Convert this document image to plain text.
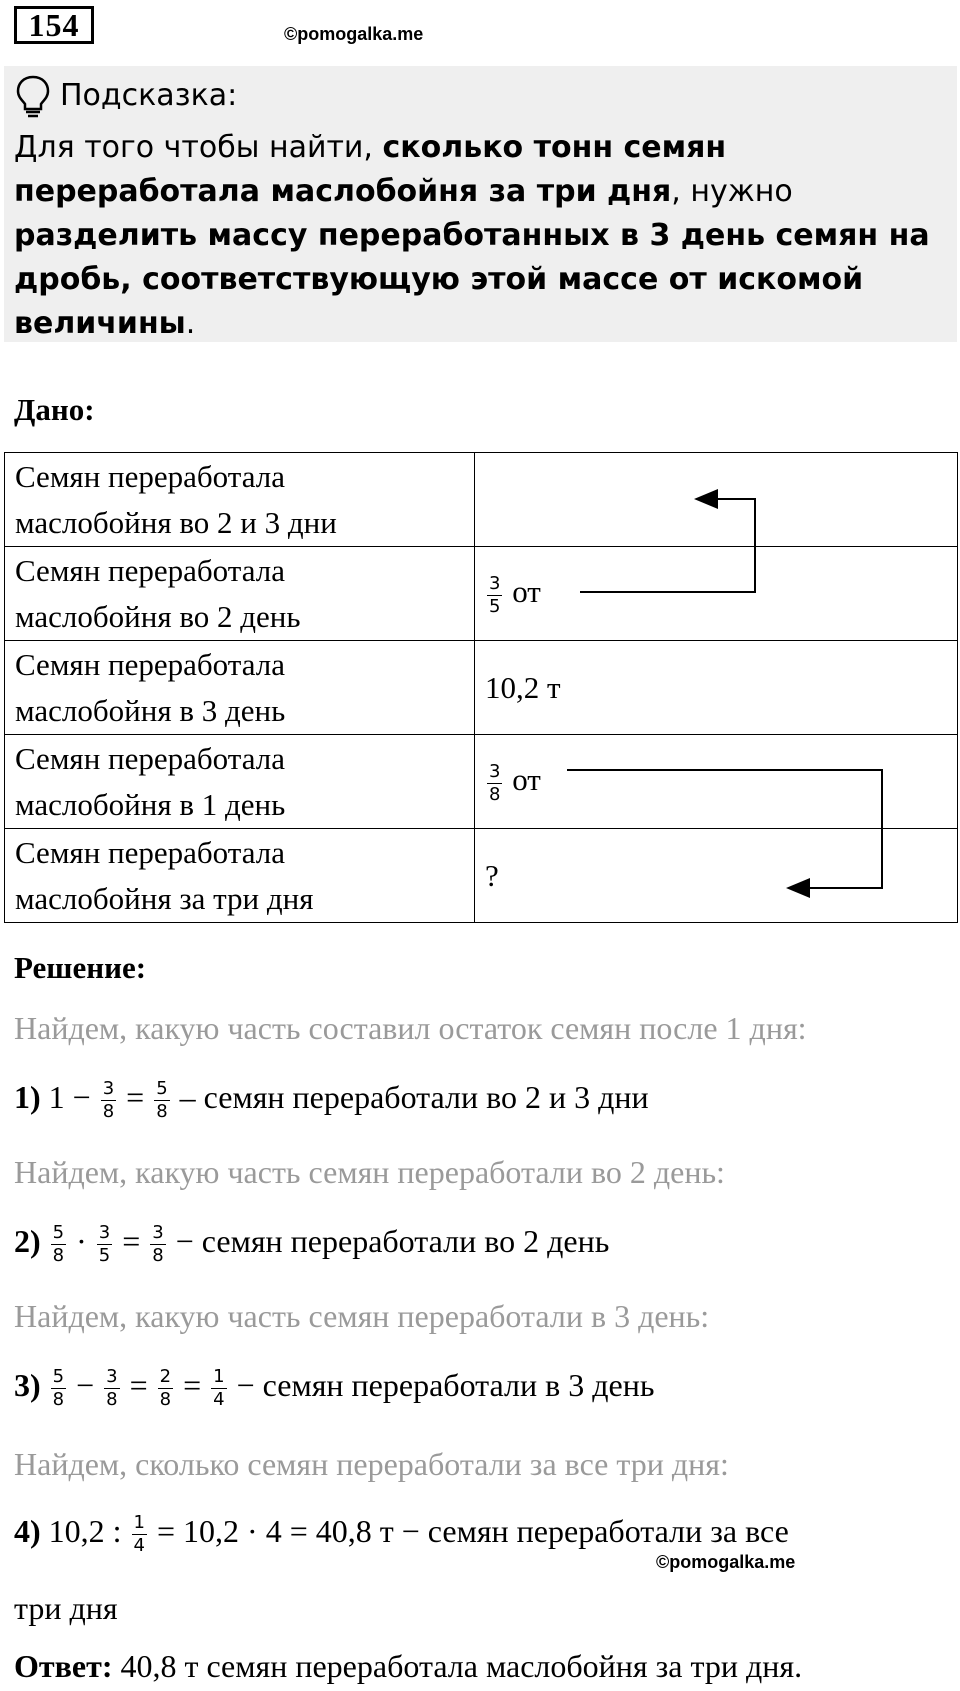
154	©pomogalka.me
Подсказка:
Для того чтобы найти, сколько тонн семян переработала маслобойня за три дня, нужно разделить массу переработанных в 3 день семян на дробь, соответствующую этой массе от искомой величины.
Дано:
Семян переработала
маслобойня во 2 и 3 дни	
Семян переработала
маслобойня во 2 день	$\frac{3}{5}$ от
Семян переработала
маслобойня в 3 день	10,2 т
Семян переработала
маслобойня в 1 день	$\frac{3}{8}$ от
Семян переработала
маслобойня за три дня	?
Решение:
Найдем, какую часть составил остаток семян после 1 дня:
1) $1 - \frac{3}{8} = \frac{5}{8}$ – семян переработали во 2 и 3 дни
Найдем, какую часть семян переработали во 2 день:
$2) \frac{5}{8} \cdot \frac{3}{5} = \frac{3}{8}$ − семян переработали во 2 день
Найдем, какую часть семян переработали в 3 день:
$3) \frac{5}{8} - \frac{3}{8} = \frac{2}{8} = \frac{1}{4}$ − семян переработали в 3 день
Найдем, сколько семян переработали за все три дня:
4) 10,2 : $\frac{1}{4} = 10,2 \cdot 4 = 40,8$ т − семян переработали за все
©pomogalka.me
три дня
Ответ: 40,8 т семян переработала маслобойня за три дня.
